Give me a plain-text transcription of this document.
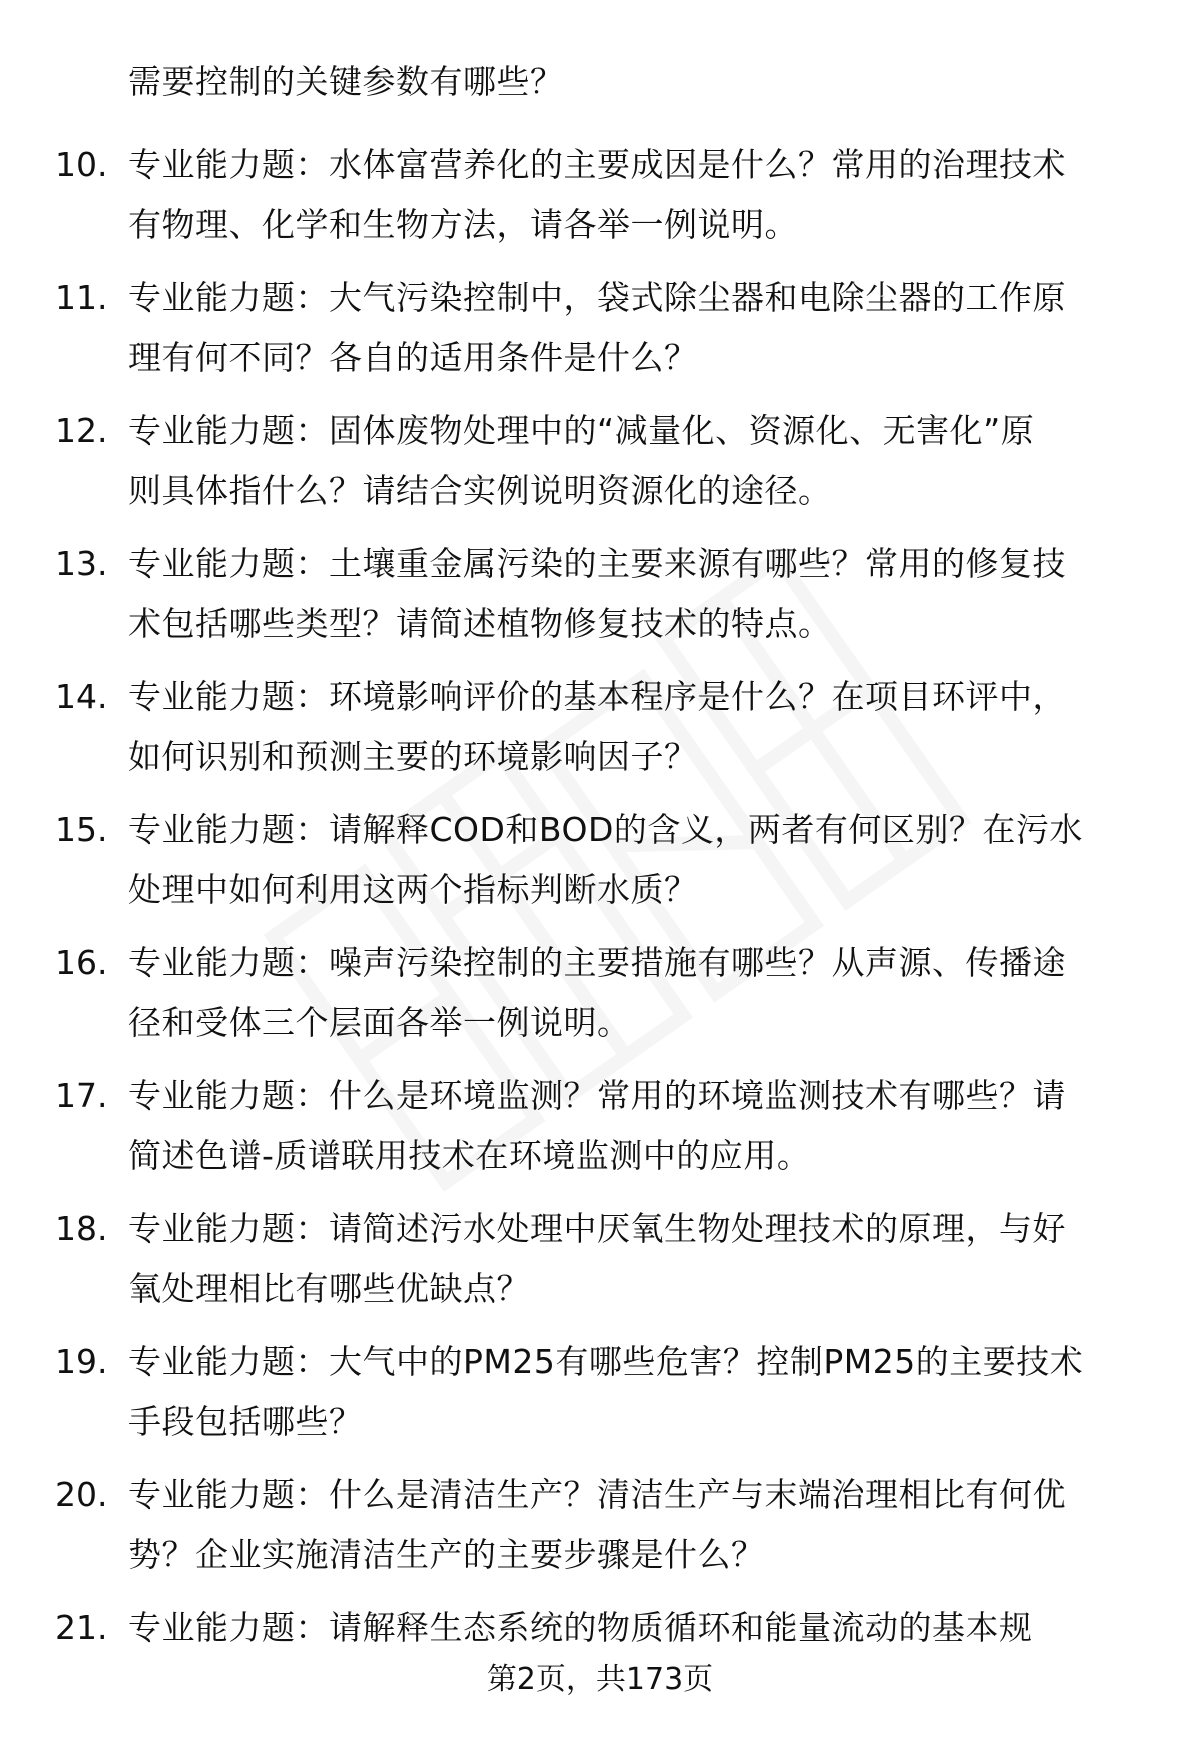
需要控制的关键参数有哪些？
10. 专业能力题：水体富营养化的主要成因是什么？常用的治理技术
有物理、化学和生物方法，请各举一例说明。
11. 专业能力题：大气污染控制中，袋式除尘器和电除尘器的工作原
理有何不同？各自的适用条件是什么？
12. 专业能力题：固体废物处理中的“减量化、资源化、无害化”原
则具体指什么？请结合实例说明资源化的途径。
13. 专业能力题：土壤重金属污染的主要来源有哪些？常用的修复技
术包括哪些类型？请简述植物修复技术的特点。
14. 专业能力题：环境影响评价的基本程序是什么？在项目环评中，
如何识别和预测主要的环境影响因子？
15. 专业能力题：请解释COD和BOD的含义，两者有何区别？在污水
处理中如何利用这两个指标判断水质？
16. 专业能力题：噪声污染控制的主要措施有哪些？从声源、传播途
径和受体三个层面各举一例说明。
17. 专业能力题：什么是环境监测？常用的环境监测技术有哪些？请
简述色谱-质谱联用技术在环境监测中的应用。
18. 专业能力题：请简述污水处理中厌氧生物处理技术的原理，与好
氧处理相比有哪些优缺点？
19. 专业能力题：大气中的PM25有哪些危害？控制PM25的主要技术
手段包括哪些？
20. 专业能力题：什么是清洁生产？清洁生产与末端治理相比有何优
势？企业实施清洁生产的主要步骤是什么？
21. 专业能力题：请解释生态系统的物质循环和能量流动的基本规
第2页，共173页
